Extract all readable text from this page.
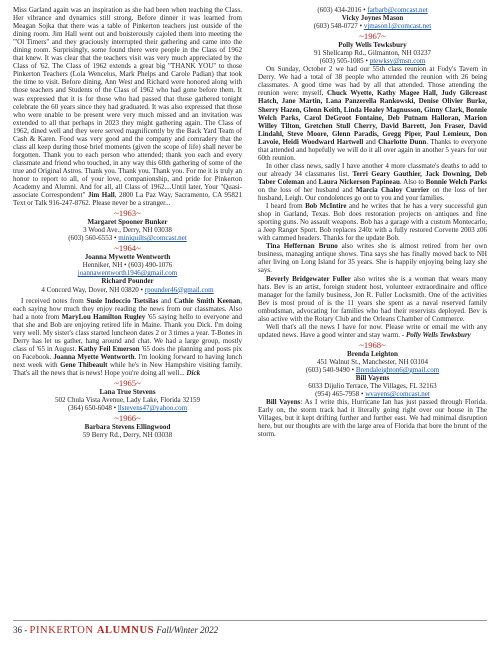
Miss Garland again was an inspiration as she had been when teaching the Class. Her vibrance and dynamics still strong. Before dinner it was learned from Meagan Sojka that there was a table of Pinkerton teachers just outside of the dining room. Jim Hall went out and boisterously cajoled them into meeting the "'Ol Timers" and they graciously interrupted their gathering and came into the dining room. Surprisingly, some found there were people in the Class of 1962 that knew. It was clear that the teachers visit was very much appreciated by the Class of '62. The Class of 1962 extends a great big "THANK YOU" to those Pinkerton Teachers (Lola Wencelus, Mark Phelps and Carole Padian) that took the time to visit. Before dining, Ann West and Richard were honored along with those teachers and Students of the Class of 1962 who had gone before them. It was expressed that it is for those who had passed that those gathered tonight celebrate the 60 years since they had graduated. It was also expressed that those who were unable to be present were very much missed and an invitation was extended to all that perhaps in 2023 they might gathering again. The Class of 1962, dined well and they were served magnificently by the Back Yard Team of Cash & Karen. Food was very good and the company and comradery that the class all keep during those brief moments (given the scope of life) shall never be forgotten. Thank you to each person who attended; thank you each and every classmate and friend who touched, in any way this 60th gathering of some of the true and Original Astros. Thank you. Thank you. Thank you. For me it is truly an honor to report to all, of your love, companionship, and pride for Pinkerton Academy and Alumni. And for all, all Class of 1962....Until later, Your "Quasi-associate Correspondent" Jim Hall, 2800 La Paz Way, Sacramento, CA 95821 Text or Talk 916-247-8762. Please never be a stranger...

~1963~
Margaret Spooner Bunker
3 Wood Ave., Derry, NH 03038
(603) 560-6553 • miniquilts@comcast.net
~1964~
Joanna Mywette Wentworth
Henniker, NH • (603) 490-1076
joannawentworth1946@gmail.com
Richard Pounder
4 Concord Way, Dover, NH 03820 • rpounder46@gmail.com

I received notes from Susie Indoccio Tsetsilas and Cathie Smith Keenan, each saying how much they enjoy reading the news from our classmates. Also had a note from MaryLou Hamilton Rugley '65 saying hello to everyone and that she and Bob are enjoying retired life in Maine. Thank you Dick. I'm doing very well. My sister's class started luncheon dates 2 or 3 times a year. T-Bones in Derry has let us gather, hang around and chat. We had a large group, mostly class of '65 in August. Kathy Feil Emerson '65 does the planning and posts pix on Facebook. Joanna Myette Wentworth. I'm looking forward to having lunch next week with Gene Thibeault while he's in New Hampshire visiting family. That's all the news that is news! Hope you're doing all well... Dick

~1965~
Lana True Stevens
502 Chula Vista Avenue, Lady Lake, Florida 32159
(364) 650-6048 • llstevens47@yahoo.com
~1966~
Barbara Stevens Ellingwood
59 Berry Rd., Derry, NH 03038
(603) 434-2016 • farbarb@comcast.net
Vicky Joynes Mason
(603) 548-0727 • vjmason1@comcast.net
~1967~
Polly Wells Tewksbury
91 Shellcamp Rd., Gilmanton, NH 03237
(603) 505-1085 • ptewksy@msn.com

On Sunday, October 2 we had our 55th class reunion at Fody's Tavern in Derry. We had a total of 38 people who attended the reunion with 26 being classmates. A good time was had by all that attended. Those attending the reunion were: myself, Chuck Wyette, Kathy Magee Hall, Judy Gilcreast Hatch, Jane Martin, Lana Panzerella Rankowski, Denise Olivier Burke, Sherry Hazen, Glenn Keith, Linda Healey Magnusson, Ginny Clark, Bonnie Welch Parks, Carol DeGroot Fontaine, Deb Putnam Halloran, Marion Willey Tilton, Gretchen Stull Cherry, David Barrett, Jon Fraser, David Lindahl, Steve Moore, Glenn Paradis, Gregg Piper, Paul Lemieux, Don Lavoie, Heidi Woodward Hartwell and Charlotte Dunn. Thanks to everyone that attended and hopefully we will do it all over again in another 5 years for our 60th reunion.

In other class news, sadly I have another 4 more classmate's deaths to add to our already 34 classmates list. Terri Geary Gauthier, Jack Downing, Deb Taber Coleman and Laura Nickerson Papineau. Also to Bonnie Welch Parks on the loss of her husband and Marcia Chaloy Currier on the loss of her husband, Leigh. Our condolences go out to you and your families.

I heard from Bob McIntire and he writes that he has a very successful gun shop in Garland, Texas. Bob does restoration projects on antiques and fine sporting guns. No assault weapons. Bob has a garage with a custom Montecarlo, a Jeep Ranger Sport. Bob replaces 240z with a fully restored Corvette 2003 z06 with cammed headers. Thanks for the update Bob.

Tina Heffernan Bruno also writes she is almost retired from her own business, managing antique shows. Tina says she has finally moved back to NH after living on Long Island for 35 years. She is happily enjoying being lazy she says.

Beverly Bridgewater Fuller also writes she is a woman that wears many hats. Bev is an artist, foreign student host, volunteer extraordinaire and office manager for the family business, Jon R. Fuller Locksmith. One of the activities Bev is most proud of is the 11 years she spent as a naval reserved family ombudsman, advocating for families who had their reservists deployed. Bev is also active with the Rotary Club and the Orleans Chamber of Commerce.

Well that's all the news I have for now. Please write or email me with any updated news. Have a good winter and stay warm. - Polly Wells Tewksbury

~1968~
Brenda Leighton
451 Walnut St., Manchester, NH 03104
(603) 540-9490 • Brendaleighton6@gmail.com
Bill Vayens
6033 Dijulio Terrace, The Villages, FL 32163
(954) 465-7958 • wvayens@comcast.net

Bill Vayens: As I write this, Hurricane Ian has just passed through Florida. Early on, the storm track had it literally going right over our house in The Villages, but it kept drifting further and further east. We had minimal disruption here, but our thoughts are with the large area of Florida that bore the brunt of the storm.

36 - PINKERTON ALUMNUS Fall/Winter 2022
